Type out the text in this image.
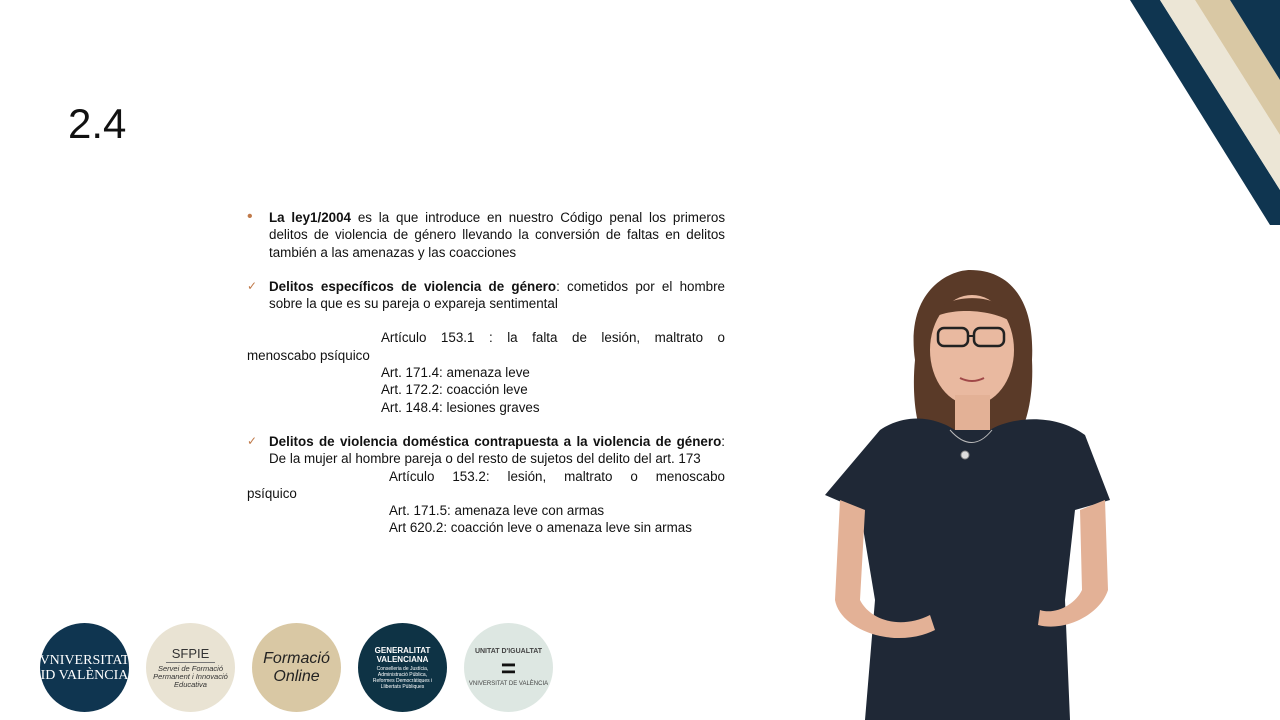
2.4
• La ley1/2004 es la que introduce en nuestro Código penal los primeros delitos de violencia de género llevando la conversión de faltas en delitos también a las amenazas y las coacciones
✓ Delitos específicos de violencia de género: cometidos por el hombre sobre la que es su pareja o expareja sentimental
Artículo 153.1 : la falta de lesión, maltrato o
menoscabo psíquico
Art. 171.4: amenaza leve
Art. 172.2: coacción leve
Art. 148.4: lesiones graves
✓ Delitos de violencia doméstica contrapuesta a la violencia de género: De la mujer al hombre pareja o del resto de sujetos del delito del art. 173
Artículo 153.2: lesión, maltrato o menoscabo
psíquico
Art. 171.5: amenaza leve con armas
Art 620.2: coacción leve o amenaza leve sin armas
VNIVERSITAT
ID VALÈNCIA
SFPIE
Servei de Formació Permanent i Innovació Educativa
Formació
Online
GENERALITAT VALENCIANA
Conselleria de Justícia, Administració Pública, Reformes Democràtiques i Llibertats Públiques
UNITAT D'IGUALTAT
=
VNIVERSITAT DE VALÈNCIA
